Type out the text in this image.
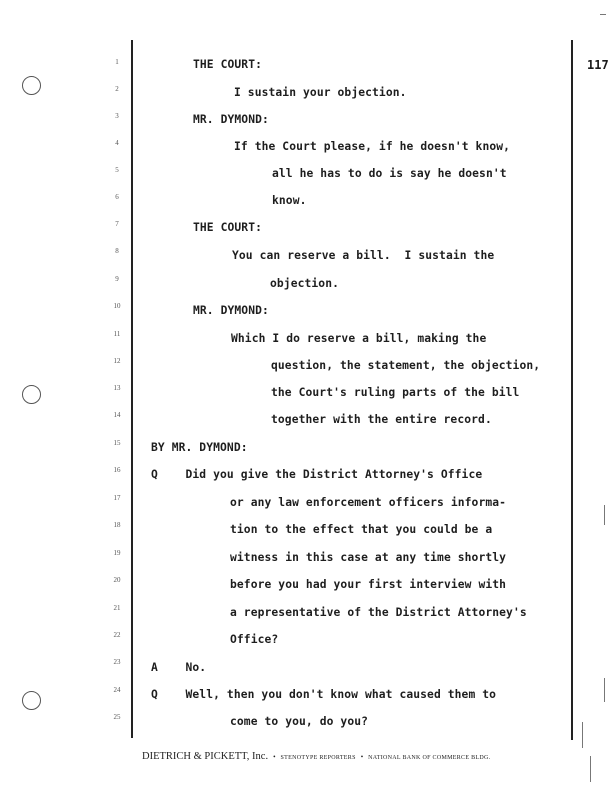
117
1
2
3
4
5
6
7
8
9
10
11
12
13
14
15
16
17
18
19
20
21
22
23
24
25
THE COURT:
I sustain your objection.
MR. DYMOND:
If the Court please, if he doesn't know,
all he has to do is say he doesn't
know.
THE COURT:
You can reserve a bill.  I sustain the
objection.
MR. DYMOND:
Which I do reserve a bill, making the
question, the statement, the objection,
the Court's ruling parts of the bill
together with the entire record.
BY MR. DYMOND:
Q    Did you give the District Attorney's Office
or any law enforcement officers informa-
tion to the effect that you could be a
witness in this case at any time shortly
before you had your first interview with
a representative of the District Attorney's
Office?
A    No.
Q    Well, then you don't know what caused them to
come to you, do you?
DIETRICH & PICKETT, Inc. • STENOTYPE REPORTERS • NATIONAL BANK OF COMMERCE BLDG.
